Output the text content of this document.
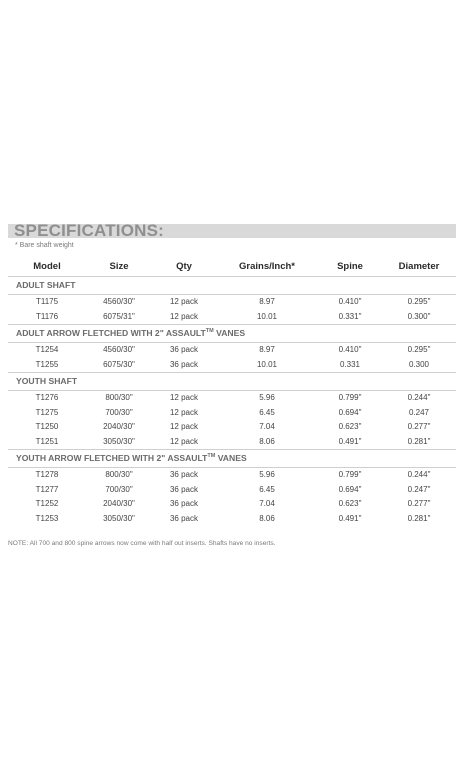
SPECIFICATIONS:
* Bare shaft weight
Model	Size	Qty	Grains/Inch*	Spine	Diameter
ADULT SHAFT					
T1175	4560/30"	12 pack	8.97	0.410"	0.295"
T1176	6075/31"	12 pack	10.01	0.331"	0.300"
ADULT ARROW FLETCHED WITH 2" ASSAULT™ VANES					
T1254	4560/30"	36 pack	8.97	0.410"	0.295"
T1255	6075/30"	36 pack	10.01	0.331	0.300
YOUTH SHAFT					
T1276	800/30"	12 pack	5.96	0.799"	0.244"
T1275	700/30"	12 pack	6.45	0.694"	0.247
T1250	2040/30"	12 pack	7.04	0.623"	0.277"
T1251	3050/30"	12 pack	8.06	0.491"	0.281"
YOUTH ARROW FLETCHED WITH 2" ASSAULT™ VANES					
T1278	800/30"	36 pack	5.96	0.799"	0.244"
T1277	700/30"	36 pack	6.45	0.694"	0.247"
T1252	2040/30"	36 pack	7.04	0.623"	0.277"
T1253	3050/30"	36 pack	8.06	0.491"	0.281"
NOTE: All 700 and 800 spine arrows now come with half out inserts. Shafts have no inserts.
